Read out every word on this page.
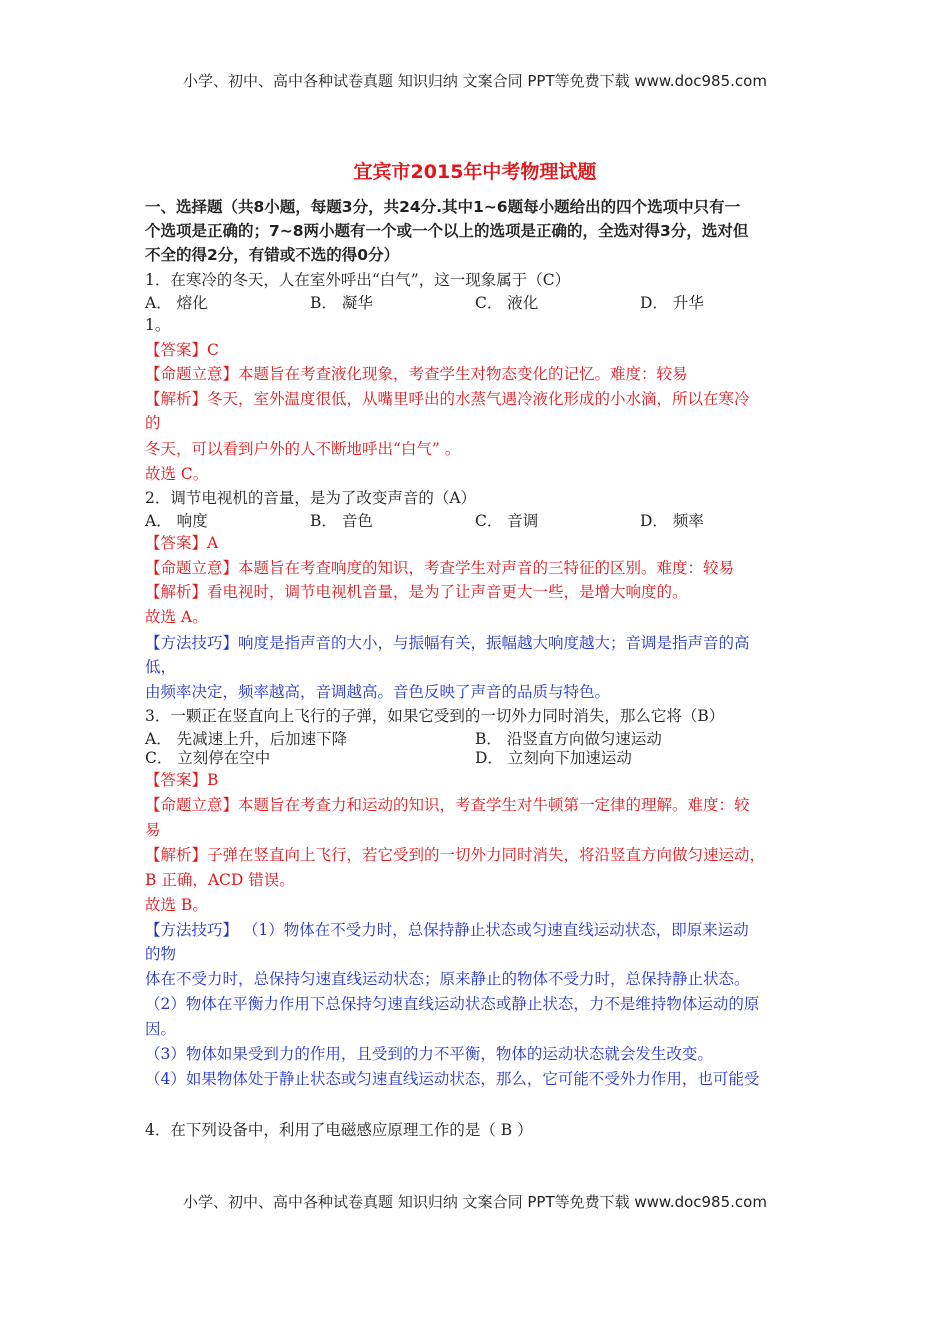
小学、初中、高中各种试卷真题 知识归纳 文案合同 PPT等免费下载 www.doc985.com
宜宾市2015年中考物理试题
一、选择题（共8小题，每题3分，共24分.其中1~6题每小题给出的四个选项中只有一
个选项是正确的；7~8两小题有一个或一个以上的选项是正确的，全选对得3分，选对但
不全的得2分，有错或不选的得0分）
1．在寒冷的冬天，人在室外呼出“白气”，这一现象属于（C）
A． 熔化	B． 凝华	C． 液化	D． 升华
1。
【答案】C
【命题立意】本题旨在考查液化现象，考查学生对物态变化的记忆。难度：较易
【解析】冬天，室外温度很低，从嘴里呼出的水蒸气遇冷液化形成的小水滴，所以在寒冷
的
冬天，可以看到户外的人不断地呼出“白气” 。
故选 C。
2．调节电视机的音量，是为了改变声音的（A）
A． 响度	B． 音色	C． 音调	D． 频率
【答案】A
【命题立意】本题旨在考查响度的知识，考查学生对声音的三特征的区别。难度：较易
【解析】看电视时，调节电视机音量，是为了让声音更大一些，是增大响度的。
故选 A。
【方法技巧】响度是指声音的大小，与振幅有关，振幅越大响度越大；音调是指声音的高
低，
由频率决定，频率越高，音调越高。音色反映了声音的品质与特色。
3．一颗正在竖直向上飞行的子弹，如果它受到的一切外力同时消失，那么它将（B）
A． 先减速上升，后加速下降	B． 沿竖直方向做匀速运动
C． 立刻停在空中	D． 立刻向下加速运动
【答案】B
【命题立意】本题旨在考查力和运动的知识，考查学生对牛顿第一定律的理解。难度：较
易
【解析】子弹在竖直向上飞行，若它受到的一切外力同时消失，将沿竖直方向做匀速运动，
B 正确，ACD 错误。
故选 B。
【方法技巧】 （1）物体在不受力时，总保持静止状态或匀速直线运动状态，即原来运动
的物
体在不受力时，总保持匀速直线运动状态；原来静止的物体不受力时，总保持静止状态。
（2）物体在平衡力作用下总保持匀速直线运动状态或静止状态，力不是维持物体运动的原
因。
（3）物体如果受到力的作用，且受到的力不平衡，物体的运动状态就会发生改变。
（4）如果物体处于静止状态或匀速直线运动状态，那么，它可能不受外力作用，也可能受
4．在下列设备中，利用了电磁感应原理工作的是（ B ）
小学、初中、高中各种试卷真题 知识归纳 文案合同 PPT等免费下载 www.doc985.com
